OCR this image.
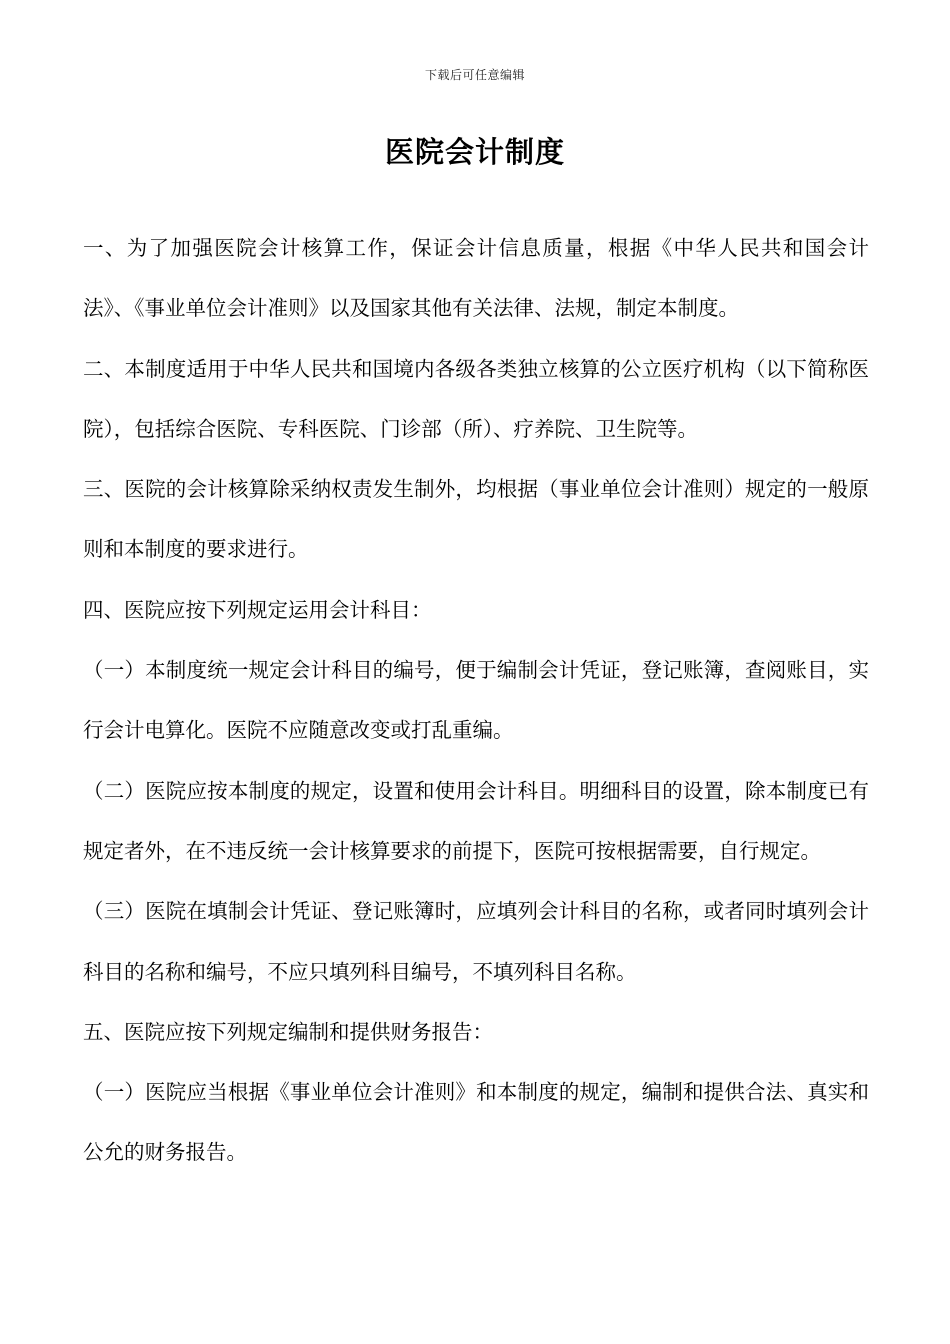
下载后可任意编辑
医院会计制度

一、为了加强医院会计核算工作，保证会计信息质量，根据《中华人民共和国会计法》、《事业单位会计准则》以及国家其他有关法律、法规，制定本制度。

二、本制度适用于中华人民共和国境内各级各类独立核算的公立医疗机构（以下简称医院），包括综合医院、专科医院、门诊部（所）、疗养院、卫生院等。

三、医院的会计核算除采纳权责发生制外，均根据（事业单位会计准则）规定的一般原则和本制度的要求进行。

四、医院应按下列规定运用会计科目：

（一）本制度统一规定会计科目的编号，便于编制会计凭证，登记账簿，查阅账目，实行会计电算化。医院不应随意改变或打乱重编。

（二）医院应按本制度的规定，设置和使用会计科目。明细科目的设置，除本制度已有规定者外，在不违反统一会计核算要求的前提下，医院可按根据需要，自行规定。

（三）医院在填制会计凭证、登记账簿时，应填列会计科目的名称，或者同时填列会计科目的名称和编号，不应只填列科目编号，不填列科目名称。

五、医院应按下列规定编制和提供财务报告：

（一）医院应当根据《事业单位会计准则》和本制度的规定，编制和提供合法、真实和公允的财务报告。
